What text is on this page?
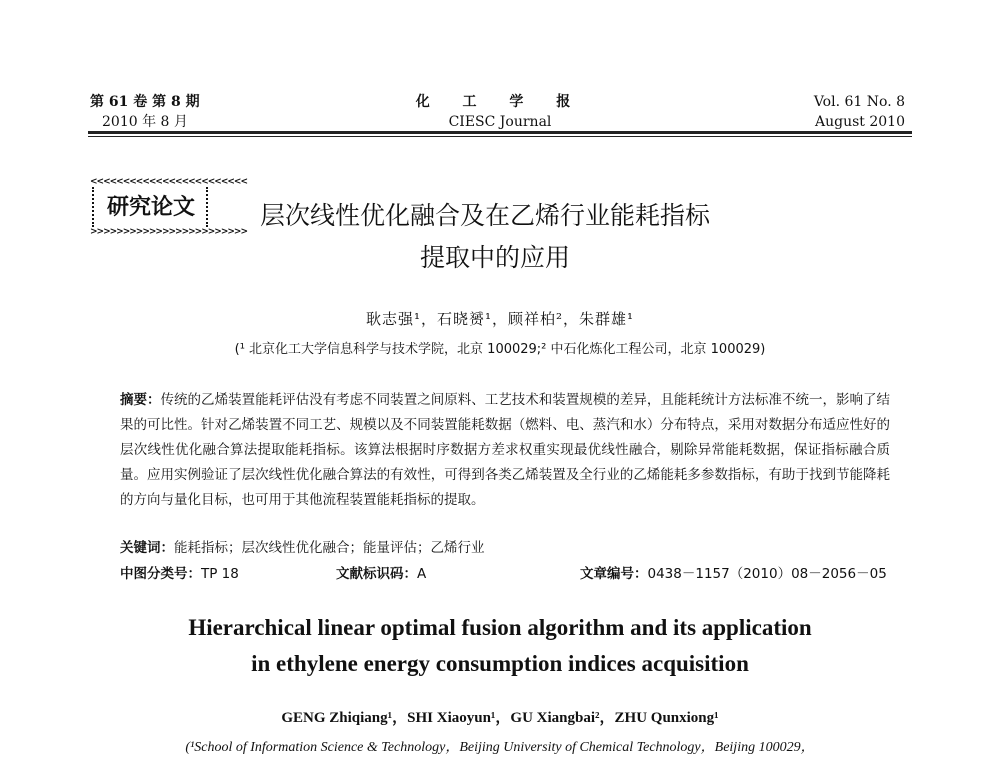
第 61 卷 第 8 期
2010 年 8 月
化 工 学 报
CIESC Journal
Vol. 61 No. 8
August 2010
<<<<<<<<<<<<<<<<<<<<<<<<
研究论文
>>>>>>>>>>>>>>>>>>>>>>>>
层次线性优化融合及在乙烯行业能耗指标
提取中的应用
耿志强¹，石晓赟¹，顾祥柏²，朱群雄¹
(¹ 北京化工大学信息科学与技术学院，北京 100029;² 中石化炼化工程公司，北京 100029)
摘要：传统的乙烯装置能耗评估没有考虑不同装置之间原料、工艺技术和装置规模的差异，且能耗统计方法标准不统一，影响了结果的可比性。针对乙烯装置不同工艺、规模以及不同装置能耗数据（燃料、电、蒸汽和水）分布特点，采用对数据分布适应性好的层次线性优化融合算法提取能耗指标。该算法根据时序数据方差求权重实现最优线性融合，剔除异常能耗数据，保证指标融合质量。应用实例验证了层次线性优化融合算法的有效性，可得到各类乙烯装置及全行业的乙烯能耗多参数指标，有助于找到节能降耗的方向与量化目标，也可用于其他流程装置能耗指标的提取。
关键词：能耗指标；层次线性优化融合；能量评估；乙烯行业
中图分类号：TP 18	文献标识码：A	文章编号：0438－1157（2010）08－2056－05
Hierarchical linear optimal fusion algorithm and its application
in ethylene energy consumption indices acquisition
GENG Zhiqiang¹，SHI Xiaoyun¹，GU Xiangbai²，ZHU Qunxiong¹
(¹School of Information Science & Technology，Beijing University of Chemical Technology，Beijing 100029，
